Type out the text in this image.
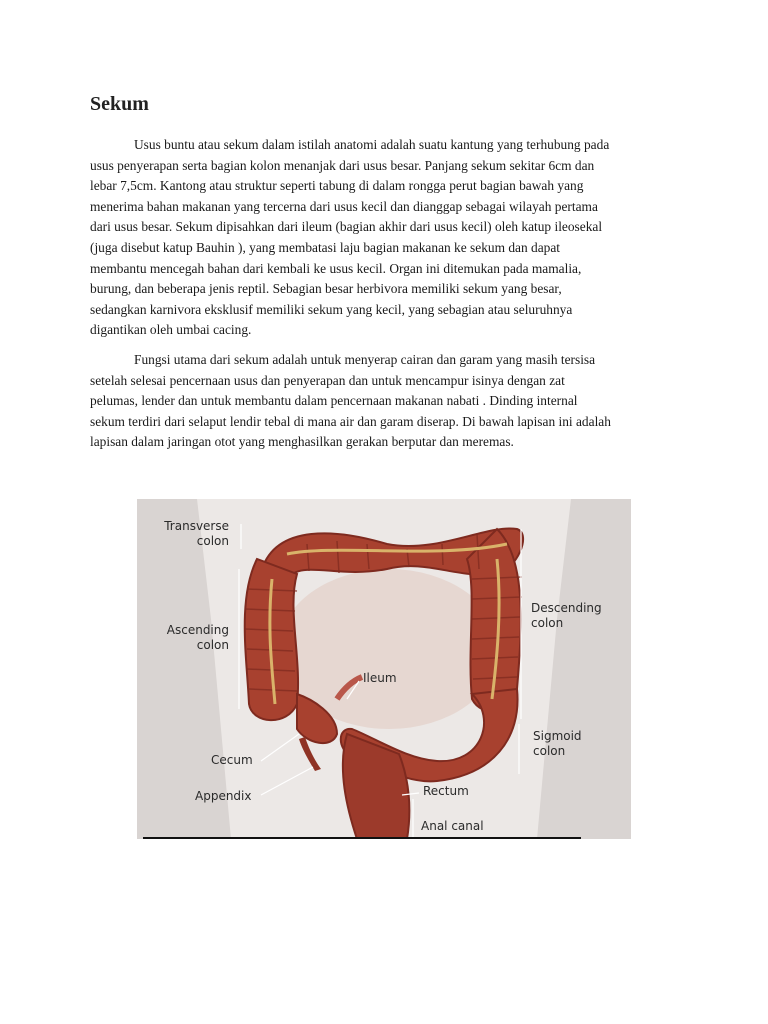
Sekum
Usus buntu atau sekum dalam istilah anatomi adalah suatu kantung yang terhubung pada
usus penyerapan serta bagian kolon menanjak dari usus besar. Panjang sekum sekitar 6cm dan
lebar 7,5cm. Kantong atau struktur seperti tabung di dalam rongga perut bagian bawah yang
menerima bahan makanan yang tercerna dari usus kecil dan dianggap sebagai wilayah pertama
dari usus besar. Sekum dipisahkan dari ileum (bagian akhir dari usus kecil) oleh katup ileosekal
(juga disebut katup Bauhin ), yang membatasi laju bagian makanan ke sekum dan dapat
membantu mencegah bahan dari kembali ke usus kecil. Organ ini ditemukan pada mamalia,
burung, dan beberapa jenis reptil. Sebagian besar herbivora memiliki sekum yang besar,
sedangkan karnivora eksklusif memiliki sekum yang kecil, yang sebagian atau seluruhnya
digantikan oleh umbai cacing.
Fungsi utama dari sekum adalah untuk menyerap cairan dan garam yang masih tersisa
setelah selesai pencernaan usus dan penyerapan dan untuk mencampur isinya dengan zat
pelumas, lender dan untuk membantu dalam pencernaan makanan nabati . Dinding internal
sekum terdiri dari selaput lendir tebal di mana air dan garam diserap. Di bawah lapisan ini adalah
lapisan dalam jaringan otot yang menghasilkan gerakan berputar dan meremas.
Transverse
colon
Ascending
colon
Descending
colon
Ileum
Sigmoid
colon
Cecum
Appendix	Rectum
Anal canal
